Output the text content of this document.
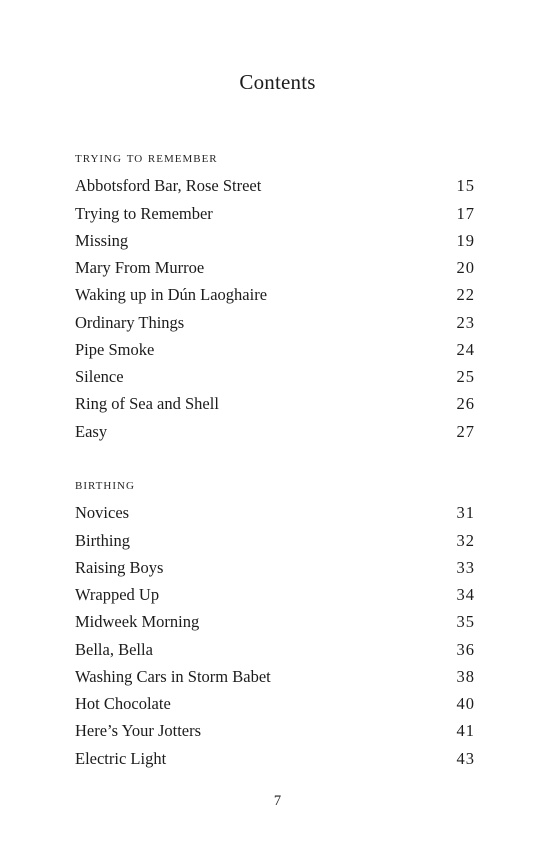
Contents
trying to remember
Abbotsford Bar, Rose Street	15
Trying to Remember	17
Missing	19
Mary From Murroe	20
Waking up in Dún Laoghaire	22
Ordinary Things	23
Pipe Smoke	24
Silence	25
Ring of Sea and Shell	26
Easy	27
birthing
Novices	31
Birthing	32
Raising Boys	33
Wrapped Up	34
Midweek Morning	35
Bella, Bella	36
Washing Cars in Storm Babet	38
Hot Chocolate	40
Here’s Your Jotters	41
Electric Light	43
7
